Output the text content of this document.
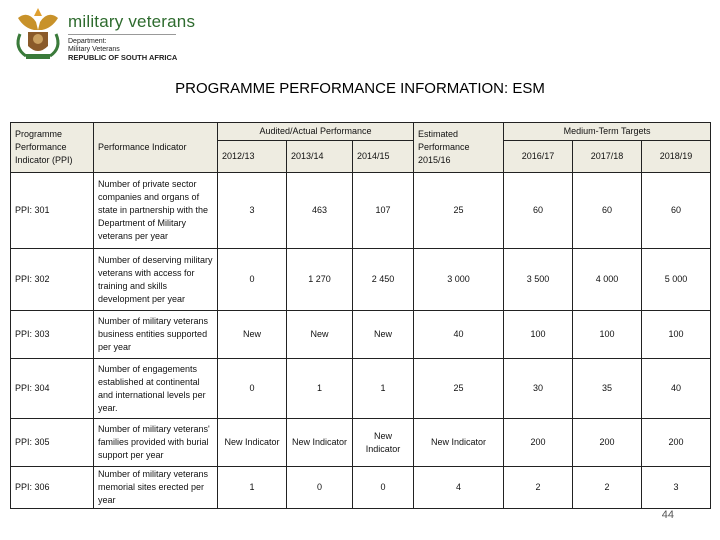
military veterans
Department:
Military Veterans
REPUBLIC OF SOUTH AFRICA
PROGRAMME PERFORMANCE INFORMATION: ESM
Programme Performance Indicator (PPI)	Performance Indicator	Audited/Actual Performance			Estimated Performance 2015/16	Medium-Term Targets		
		2012/13	2013/14	2014/15		2016/17	2017/18	2018/19
PPI: 301	Number of private sector companies and organs of state in partnership with the Department of Military veterans per year	3	463	107	25	60	60	60
PPI: 302	Number of deserving military veterans with access for training and skills development per year	0	1 270	2 450	3 000	3 500	4 000	5 000
PPI: 303	Number of military veterans business entities supported per year	New	New	New	40	100	100	100
PPI: 304	Number of engagements established at continental and international levels per year.	0	1	1	25	30	35	40
PPI: 305	Number of military veterans' families provided with burial support per year	New Indicator	New Indicator	New Indicator	New Indicator	200	200	200
PPI: 306	Number of military veterans memorial sites erected per year	1	0	0	4	2	2	3
44
